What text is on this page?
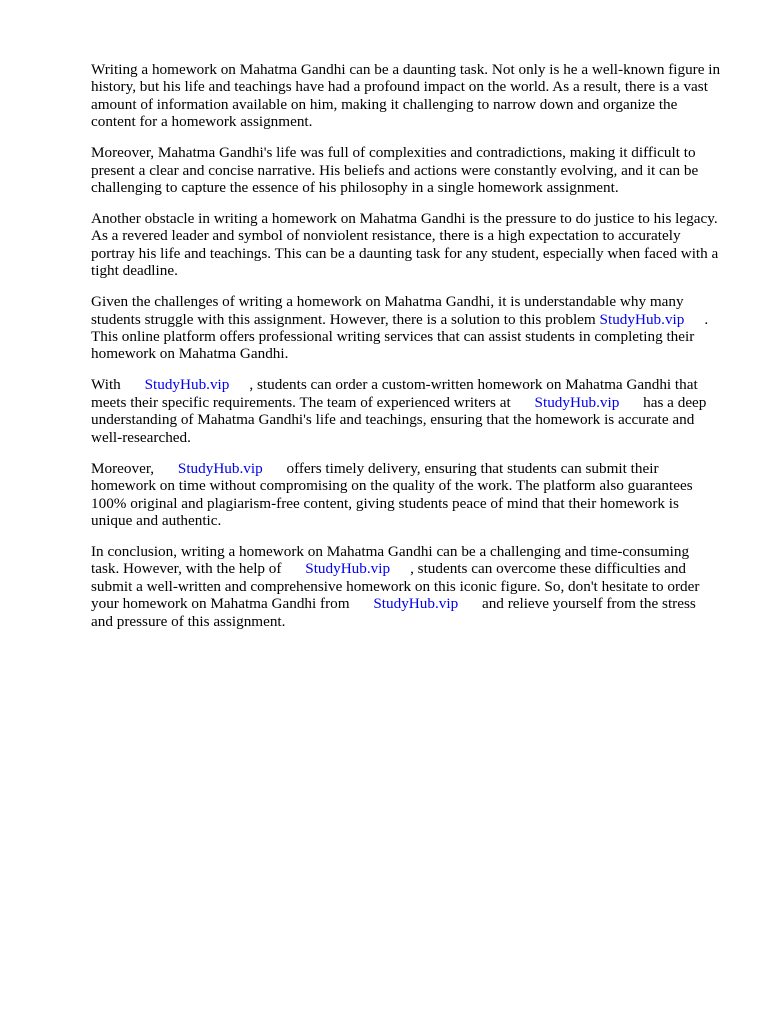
Writing a homework on Mahatma Gandhi can be a daunting task. Not only is he a well-known figure in history, but his life and teachings have had a profound impact on the world. As a result, there is a vast amount of information available on him, making it challenging to narrow down and organize the content for a homework assignment.

Moreover, Mahatma Gandhi's life was full of complexities and contradictions, making it difficult to present a clear and concise narrative. His beliefs and actions were constantly evolving, and it can be challenging to capture the essence of his philosophy in a single homework assignment.

Another obstacle in writing a homework on Mahatma Gandhi is the pressure to do justice to his legacy. As a revered leader and symbol of nonviolent resistance, there is a high expectation to accurately portray his life and teachings. This can be a daunting task for any student, especially when faced with a tight deadline.

Given the challenges of writing a homework on Mahatma Gandhi, it is understandable why many students struggle with this assignment. However, there is a solution to this problem StudyHub.vip . This online platform offers professional writing services that can assist students in completing their homework on Mahatma Gandhi.

With StudyHub.vip , students can order a custom-written homework on Mahatma Gandhi that meets their specific requirements. The team of experienced writers at StudyHub.vip has a deep understanding of Mahatma Gandhi's life and teachings, ensuring that the homework is accurate and well-researched.

Moreover, StudyHub.vip offers timely delivery, ensuring that students can submit their homework on time without compromising on the quality of the work. The platform also guarantees 100% original and plagiarism-free content, giving students peace of mind that their homework is unique and authentic.

In conclusion, writing a homework on Mahatma Gandhi can be a challenging and time-consuming task. However, with the help of StudyHub.vip , students can overcome these difficulties and submit a well-written and comprehensive homework on this iconic figure. So, don't hesitate to order your homework on Mahatma Gandhi from StudyHub.vip and relieve yourself from the stress and pressure of this assignment.
